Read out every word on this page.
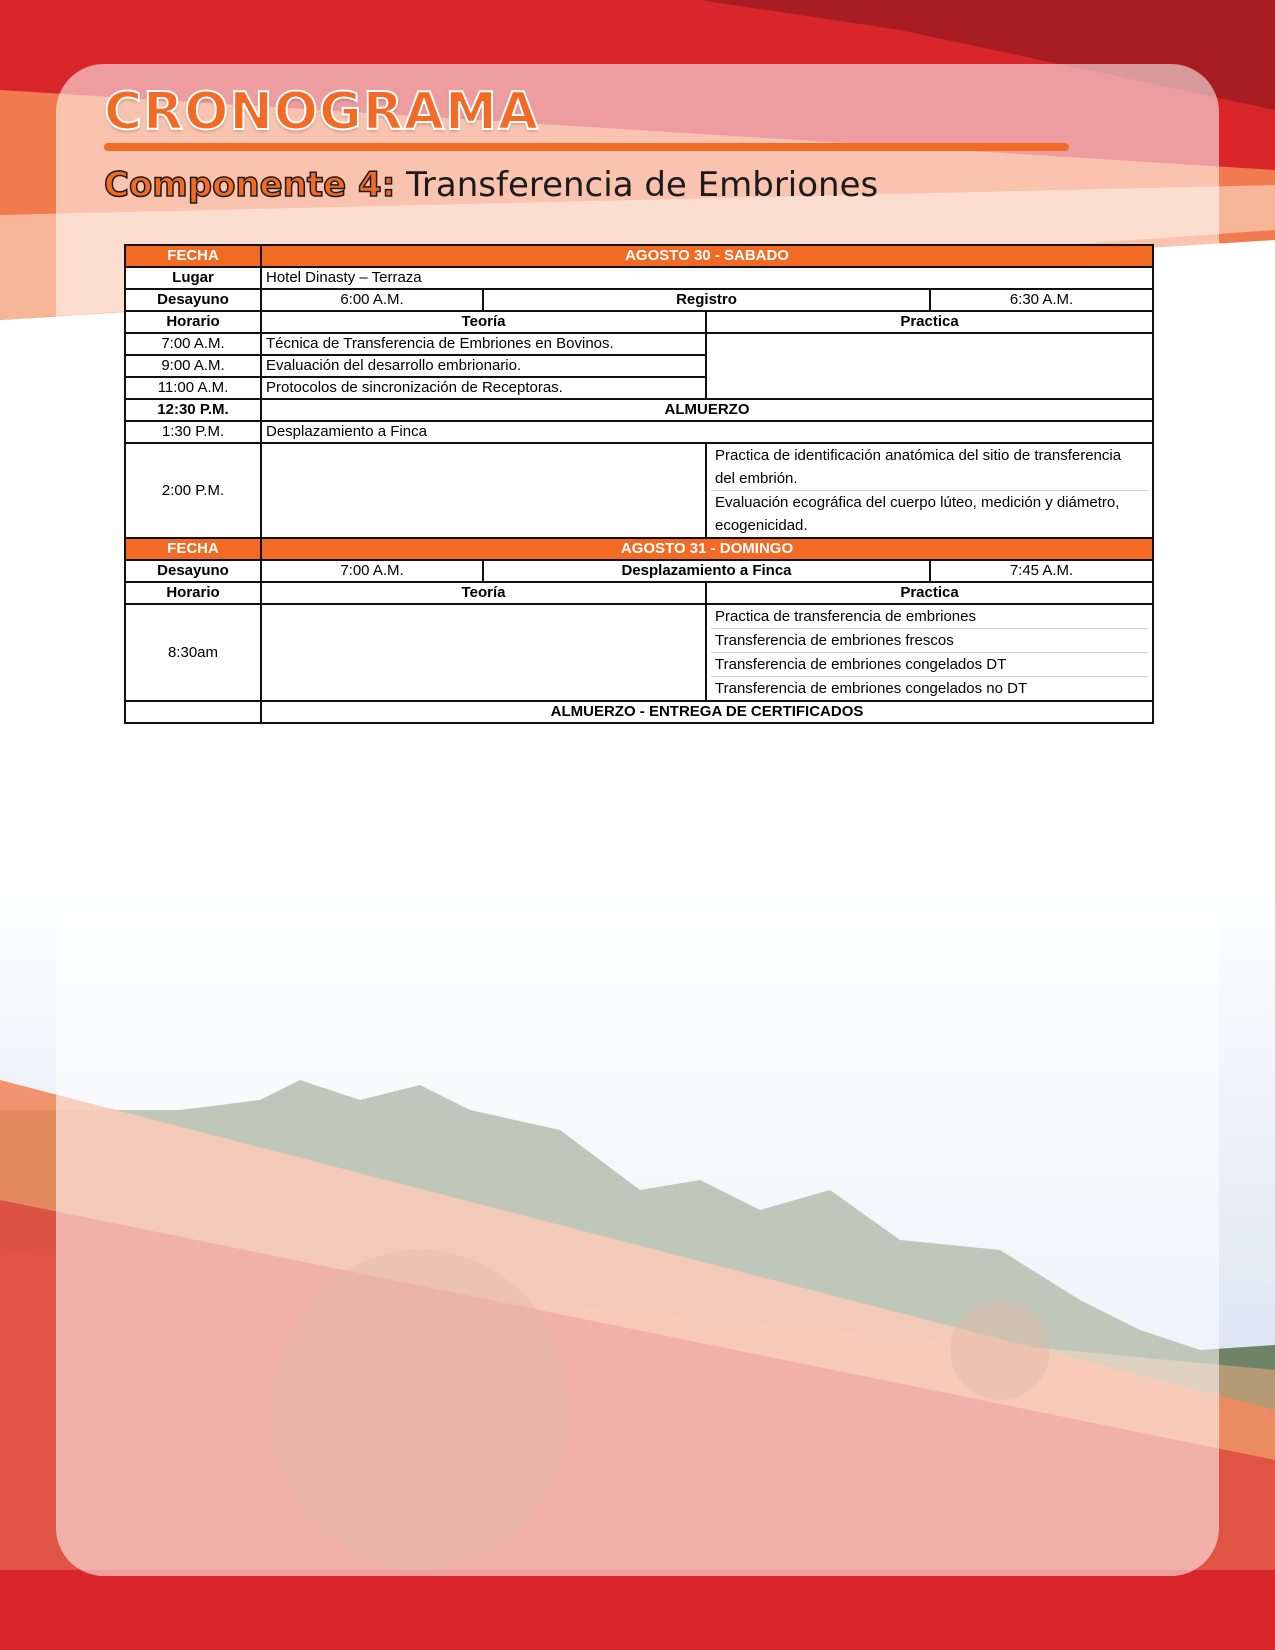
CRONOGRAMA
Componente 4: Transferencia de Embriones
FECHA	AGOSTO 30 - SABADO			
Lugar	Hotel Dinasty – Terraza			
Desayuno	6:00 A.M.	Registro		6:30 A.M.
Horario	Teoría		Practica	
7:00 A.M.	Técnica de Transferencia de Embriones en Bovinos.			
9:00 A.M.	Evaluación del desarrollo embrionario.			
11:00 A.M.	Protocolos de sincronización de Receptoras.			
12:30 P.M.	ALMUERZO			
1:30 P.M.	Desplazamiento a Finca			
2:00 P.M.			Practica de identificación anatómica del sitio de transferencia del embrión.
Evaluación ecográfica del cuerpo lúteo, medición y diámetro, ecogenicidad.	

FECHA	AGOSTO 31 - DOMINGO			
Desayuno	7:00 A.M.	Desplazamiento a Finca		7:45 A.M.
Horario	Teoría		Practica	
8:30am			Practica de transferencia de embriones
Transferencia de embriones frescos
Transferencia de embriones congelados DT
Transferencia de embriones congelados no DT	

	ALMUERZO - ENTREGA DE CERTIFICADOS			
